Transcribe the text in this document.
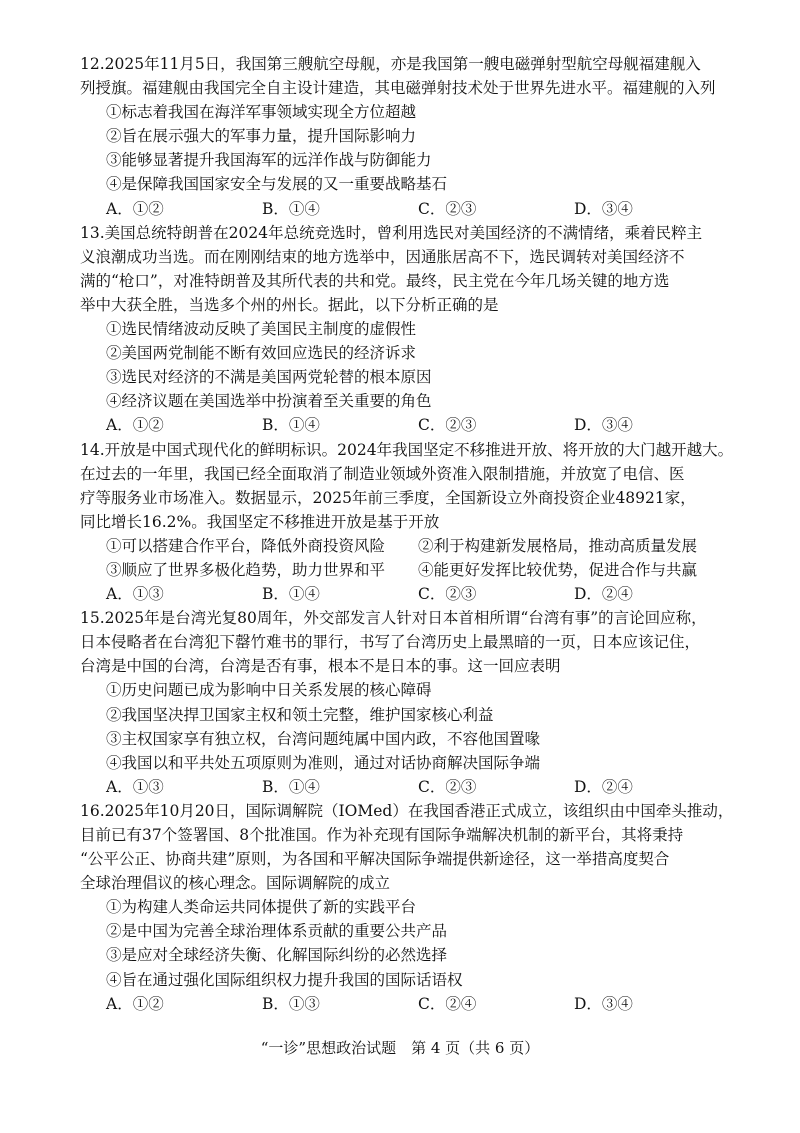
12.2025年11月5日，我国第三艘航空母舰，亦是我国第一艘电磁弹射型航空母舰福建舰入
列授旗。福建舰由我国完全自主设计建造，其电磁弹射技术处于世界先进水平。福建舰的入列
①标志着我国在海洋军事领域实现全方位超越
②旨在展示强大的军事力量，提升国际影响力
③能够显著提升我国海军的远洋作战与防御能力
④是保障我国国家安全与发展的又一重要战略基石
A．①②	B．①④	C．②③	D．③④
13.美国总统特朗普在2024年总统竞选时，曾利用选民对美国经济的不满情绪，乘着民粹主
义浪潮成功当选。而在刚刚结束的地方选举中，因通胀居高不下，选民调转对美国经济不
满的“枪口”，对准特朗普及其所代表的共和党。最终，民主党在今年几场关键的地方选
举中大获全胜，当选多个州的州长。据此，以下分析正确的是
①选民情绪波动反映了美国民主制度的虚假性
②美国两党制能不断有效回应选民的经济诉求
③选民对经济的不满是美国两党轮替的根本原因
④经济议题在美国选举中扮演着至关重要的角色
A．①②	B．①④	C．②③	D．③④
14.开放是中国式现代化的鲜明标识。2024年我国坚定不移推进开放、将开放的大门越开越大。
在过去的一年里，我国已经全面取消了制造业领域外资准入限制措施，并放宽了电信、医
疗等服务业市场准入。数据显示，2025年前三季度，全国新设立外商投资企业48921家，
同比增长16.2%。我国坚定不移推进开放是基于开放
①可以搭建合作平台，降低外商投资风险	②利于构建新发展格局，推动高质量发展
③顺应了世界多极化趋势，助力世界和平	④能更好发挥比较优势，促进合作与共赢
A．①③	B．①④	C．②③	D．②④
15.2025年是台湾光复80周年，外交部发言人针对日本首相所谓“台湾有事”的言论回应称，
日本侵略者在台湾犯下罄竹难书的罪行，书写了台湾历史上最黑暗的一页，日本应该记住，
台湾是中国的台湾，台湾是否有事，根本不是日本的事。这一回应表明
①历史问题已成为影响中日关系发展的核心障碍
②我国坚决捍卫国家主权和领土完整，维护国家核心利益
③主权国家享有独立权，台湾问题纯属中国内政，不容他国置喙
④我国以和平共处五项原则为准则，通过对话协商解决国际争端
A．①③	B．①④	C．②③	D．②④
16.2025年10月20日，国际调解院（IOMed）在我国香港正式成立，该组织由中国牵头推动，
目前已有37个签署国、8个批准国。作为补充现有国际争端解决机制的新平台，其将秉持
“公平公正、协商共建”原则，为各国和平解决国际争端提供新途径，这一举措高度契合
全球治理倡议的核心理念。国际调解院的成立
①为构建人类命运共同体提供了新的实践平台
②是中国为完善全球治理体系贡献的重要公共产品
③是应对全球经济失衡、化解国际纠纷的必然选择
④旨在通过强化国际组织权力提升我国的国际话语权
A．①②	B．①③	C．②④	D．③④
“一诊”思想政治试题　第 4 页（共 6 页）
